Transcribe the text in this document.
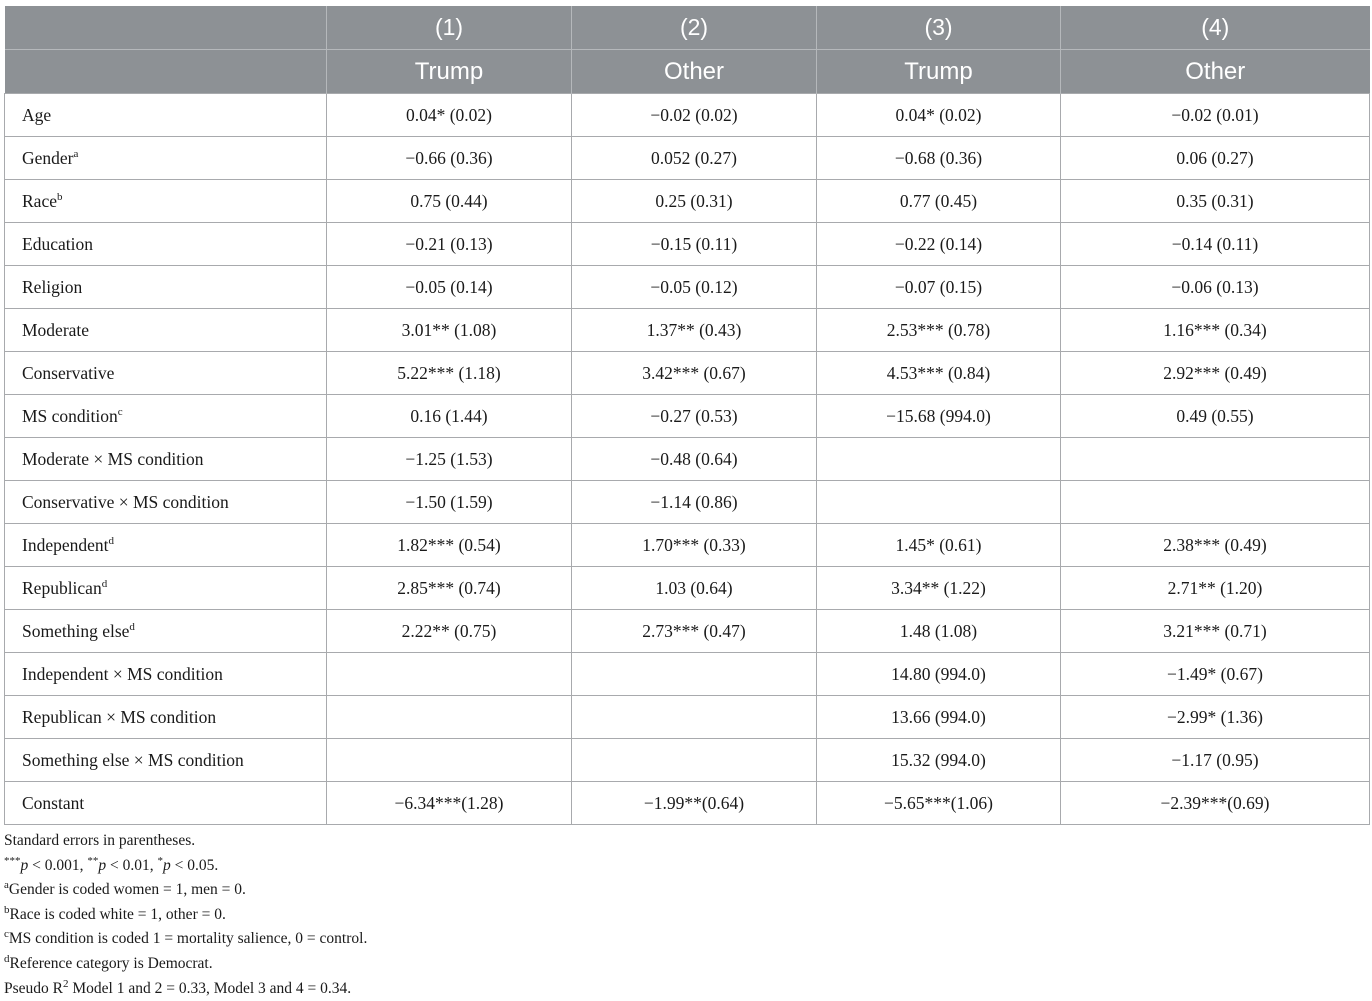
	(1)	(2)	(3)	(4)
	Trump	Other	Trump	Other
Age	0.04* (0.02)	−0.02 (0.02)	0.04* (0.02)	−0.02 (0.01)
Gender$^a$	−0.66 (0.36)	0.052 (0.27)	−0.68 (0.36)	0.06 (0.27)
Race$^b$	0.75 (0.44)	0.25 (0.31)	0.77 (0.45)	0.35 (0.31)
Education	−0.21 (0.13)	−0.15 (0.11)	−0.22 (0.14)	−0.14 (0.11)
Religion	−0.05 (0.14)	−0.05 (0.12)	−0.07 (0.15)	−0.06 (0.13)
Moderate	3.01** (1.08)	1.37** (0.43)	2.53*** (0.78)	1.16*** (0.34)
Conservative	5.22*** (1.18)	3.42*** (0.67)	4.53*** (0.84)	2.92*** (0.49)
MS condition$^c$	0.16 (1.44)	−0.27 (0.53)	−15.68 (994.0)	0.49 (0.55)
Moderate × MS condition	−1.25 (1.53)	−0.48 (0.64)		
Conservative × MS condition	−1.50 (1.59)	−1.14 (0.86)		
Independent$^d$	1.82*** (0.54)	1.70*** (0.33)	1.45* (0.61)	2.38*** (0.49)
Republican$^d$	2.85*** (0.74)	1.03 (0.64)	3.34** (1.22)	2.71** (1.20)
Something else$^d$	2.22** (0.75)	2.73*** (0.47)	1.48 (1.08)	3.21*** (0.71)
Independent × MS condition			14.80 (994.0)	−1.49* (0.67)
Republican × MS condition			13.66 (994.0)	−2.99* (1.36)
Something else × MS condition			15.32 (994.0)	−1.17 (0.95)
Constant	−6.34***(1.28)	−1.99**(0.64)	−5.65***(1.06)	−2.39***(0.69)
Standard errors in parentheses.
***p < 0.001, **p < 0.01, *p < 0.05.
$^a$Gender is coded women = 1, men = 0.
$^b$Race is coded white = 1, other = 0.
$^c$MS condition is coded 1 = mortality salience, 0 = control.
$^d$Reference category is Democrat.
Pseudo $R^2$ Model 1 and 2 = 0.33, Model 3 and 4 = 0.34.
